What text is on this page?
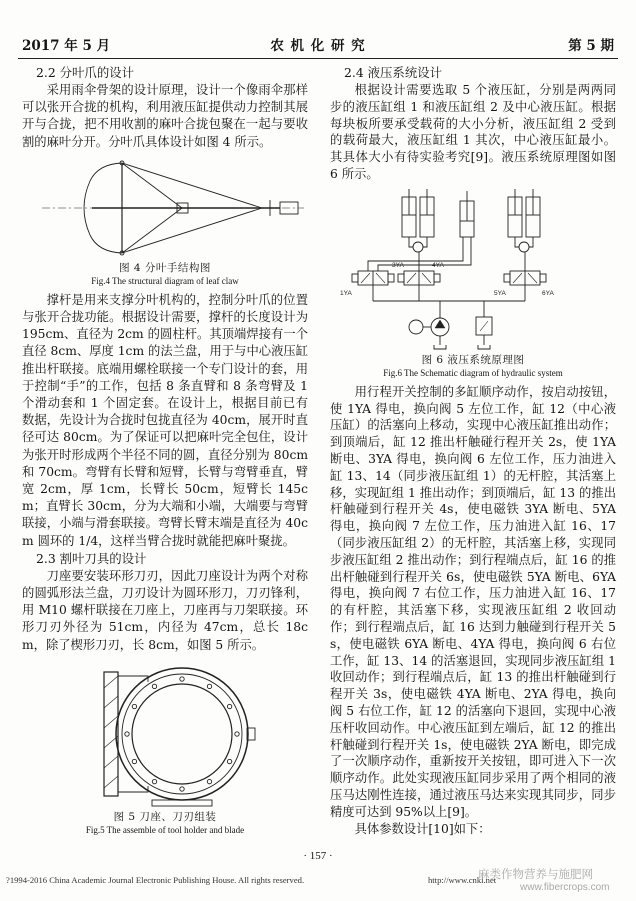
2017 年 5 月	农 机 化 研 究	第 5 期
2.2 分叶爪的设计

采用雨伞骨架的设计原理，设计一个像雨伞那样可以张开合拢的机构，利用液压缸提供动力控制其展开与合拢，把不用收割的麻叶合拢包聚在一起与要收割的麻叶分开。分叶爪具体设计如图 4 所示。

图 4 分叶手结构图
Fig.4 The structural diagram of leaf claw

撑杆是用来支撑分叶机构的，控制分叶爪的位置与张开合拢功能。根据设计需要，撑杆的长度设计为 195cm、直径为 2cm 的圆柱杆。其顶端焊接有一个直径 8cm、厚度 1cm 的法兰盘，用于与中心液压缸推出杆联接。底端用螺栓联接一个专门设计的套，用于控制“手”的工作，包括 8 条直臂和 8 条弯臂及 1 个滑动套和 1 个固定套。在设计上，根据目前已有数据，先设计为合拢时包拢直径为 40cm，展开时直径可达 80cm。为了保证可以把麻叶完全包住，设计为张开时形成两个半径不同的圆，直径分别为 80cm 和 70cm。弯臂有长臂和短臂，长臂与弯臂垂直，臂宽 2cm，厚 1cm，长臂长 50cm，短臂长 145cm；直臂长 30cm，分为大端和小端，大端要与弯臂联接，小端与滑套联接。弯臂长臂末端是直径为 40cm 圆环的 1/4，这样当臂合拢时就能把麻叶聚拢。

2.3 割叶刀具的设计

刀座要安装环形刀刃，因此刀座设计为两个对称的圆弧形法兰盘，刀刃设计为圆环形刀，刀刃锋利，用 M10 螺杆联接在刀座上，刀座再与刀架联接。环形刀刃外径为 51cm，内径为 47cm，总长 18cm，除了楔形刀刃，长 8cm，如图 5 所示。

图 5 刀座、刀刃组装
Fig.5 The assemble of tool holder and blade
2.4 液压系统设计

根据设计需要选取 5 个液压缸，分别是两两同步的液压缸组 1 和液压缸组 2 及中心液压缸。根据每块板所要承受载荷的大小分析，液压缸组 2 受到的载荷最大，液压缸组 1 其次，中心液压缸最小。其具体大小有待实验考究[9]。液压系统原理图如图 6 所示。

1YA
3YA	4YA
5YA	6YA
图 6 液压系统原理图
Fig.6 The Schematic diagram of hydraulic system

用行程开关控制的多缸顺序动作，按启动按钮，使 1YA 得电，换向阀 5 左位工作，缸 12（中心液压缸）的活塞向上移动，实现中心液压缸推出动作；到顶端后，缸 12 推出杆触碰行程开关 2s，使 1YA 断电、3YA 得电，换向阀 6 左位工作，压力油进入缸 13、14（同步液压缸组 1）的无杆腔，其活塞上移，实现缸组 1 推出动作；到顶端后，缸 13 的推出杆触碰到行程开关 4s，使电磁铁 3YA 断电、5YA 得电，换向阀 7 左位工作，压力油进入缸 16、17（同步液压缸组 2）的无杆腔，其活塞上移，实现同步液压缸组 2 推出动作；到行程端点后，缸 16 的推出杆触碰到行程开关 6s，使电磁铁 5YA 断电、6YA 得电，换向阀 7 右位工作，压力油进入缸 16、17 的有杆腔，其活塞下移，实现液压缸组 2 收回动作；到行程端点后，缸 16 达到力触碰到行程开关 5s，使电磁铁 6YA 断电、4YA 得电，换向阀 6 右位工作，缸 13、14 的活塞退回，实现同步液压缸组 1 收回动作；到行程端点后，缸 13 的推出杆触碰到行程开关 3s，使电磁铁 4YA 断电、2YA 得电，换向阀 5 右位工作，缸 12 的活塞向下退回，实现中心液压杆收回动作。中心液压缸到左端后，缸 12 的推出杆触碰到行程开关 1s，使电磁铁 2YA 断电，即完成了一次顺序动作，重新按开关按钮，即可进入下一次顺序动作。此处实现液压缸同步采用了两个相同的液压马达刚性连接，通过液压马达来实现其同步，同步精度可达到 95%以上[9]。

具体参数设计[10]如下：

· 157 ·
?1994-2016 China Academic Journal Electronic Publishing House. All rights reserved.	http://www.cnki.net
麻类作物营养与施肥网
www.fibercrops.com
